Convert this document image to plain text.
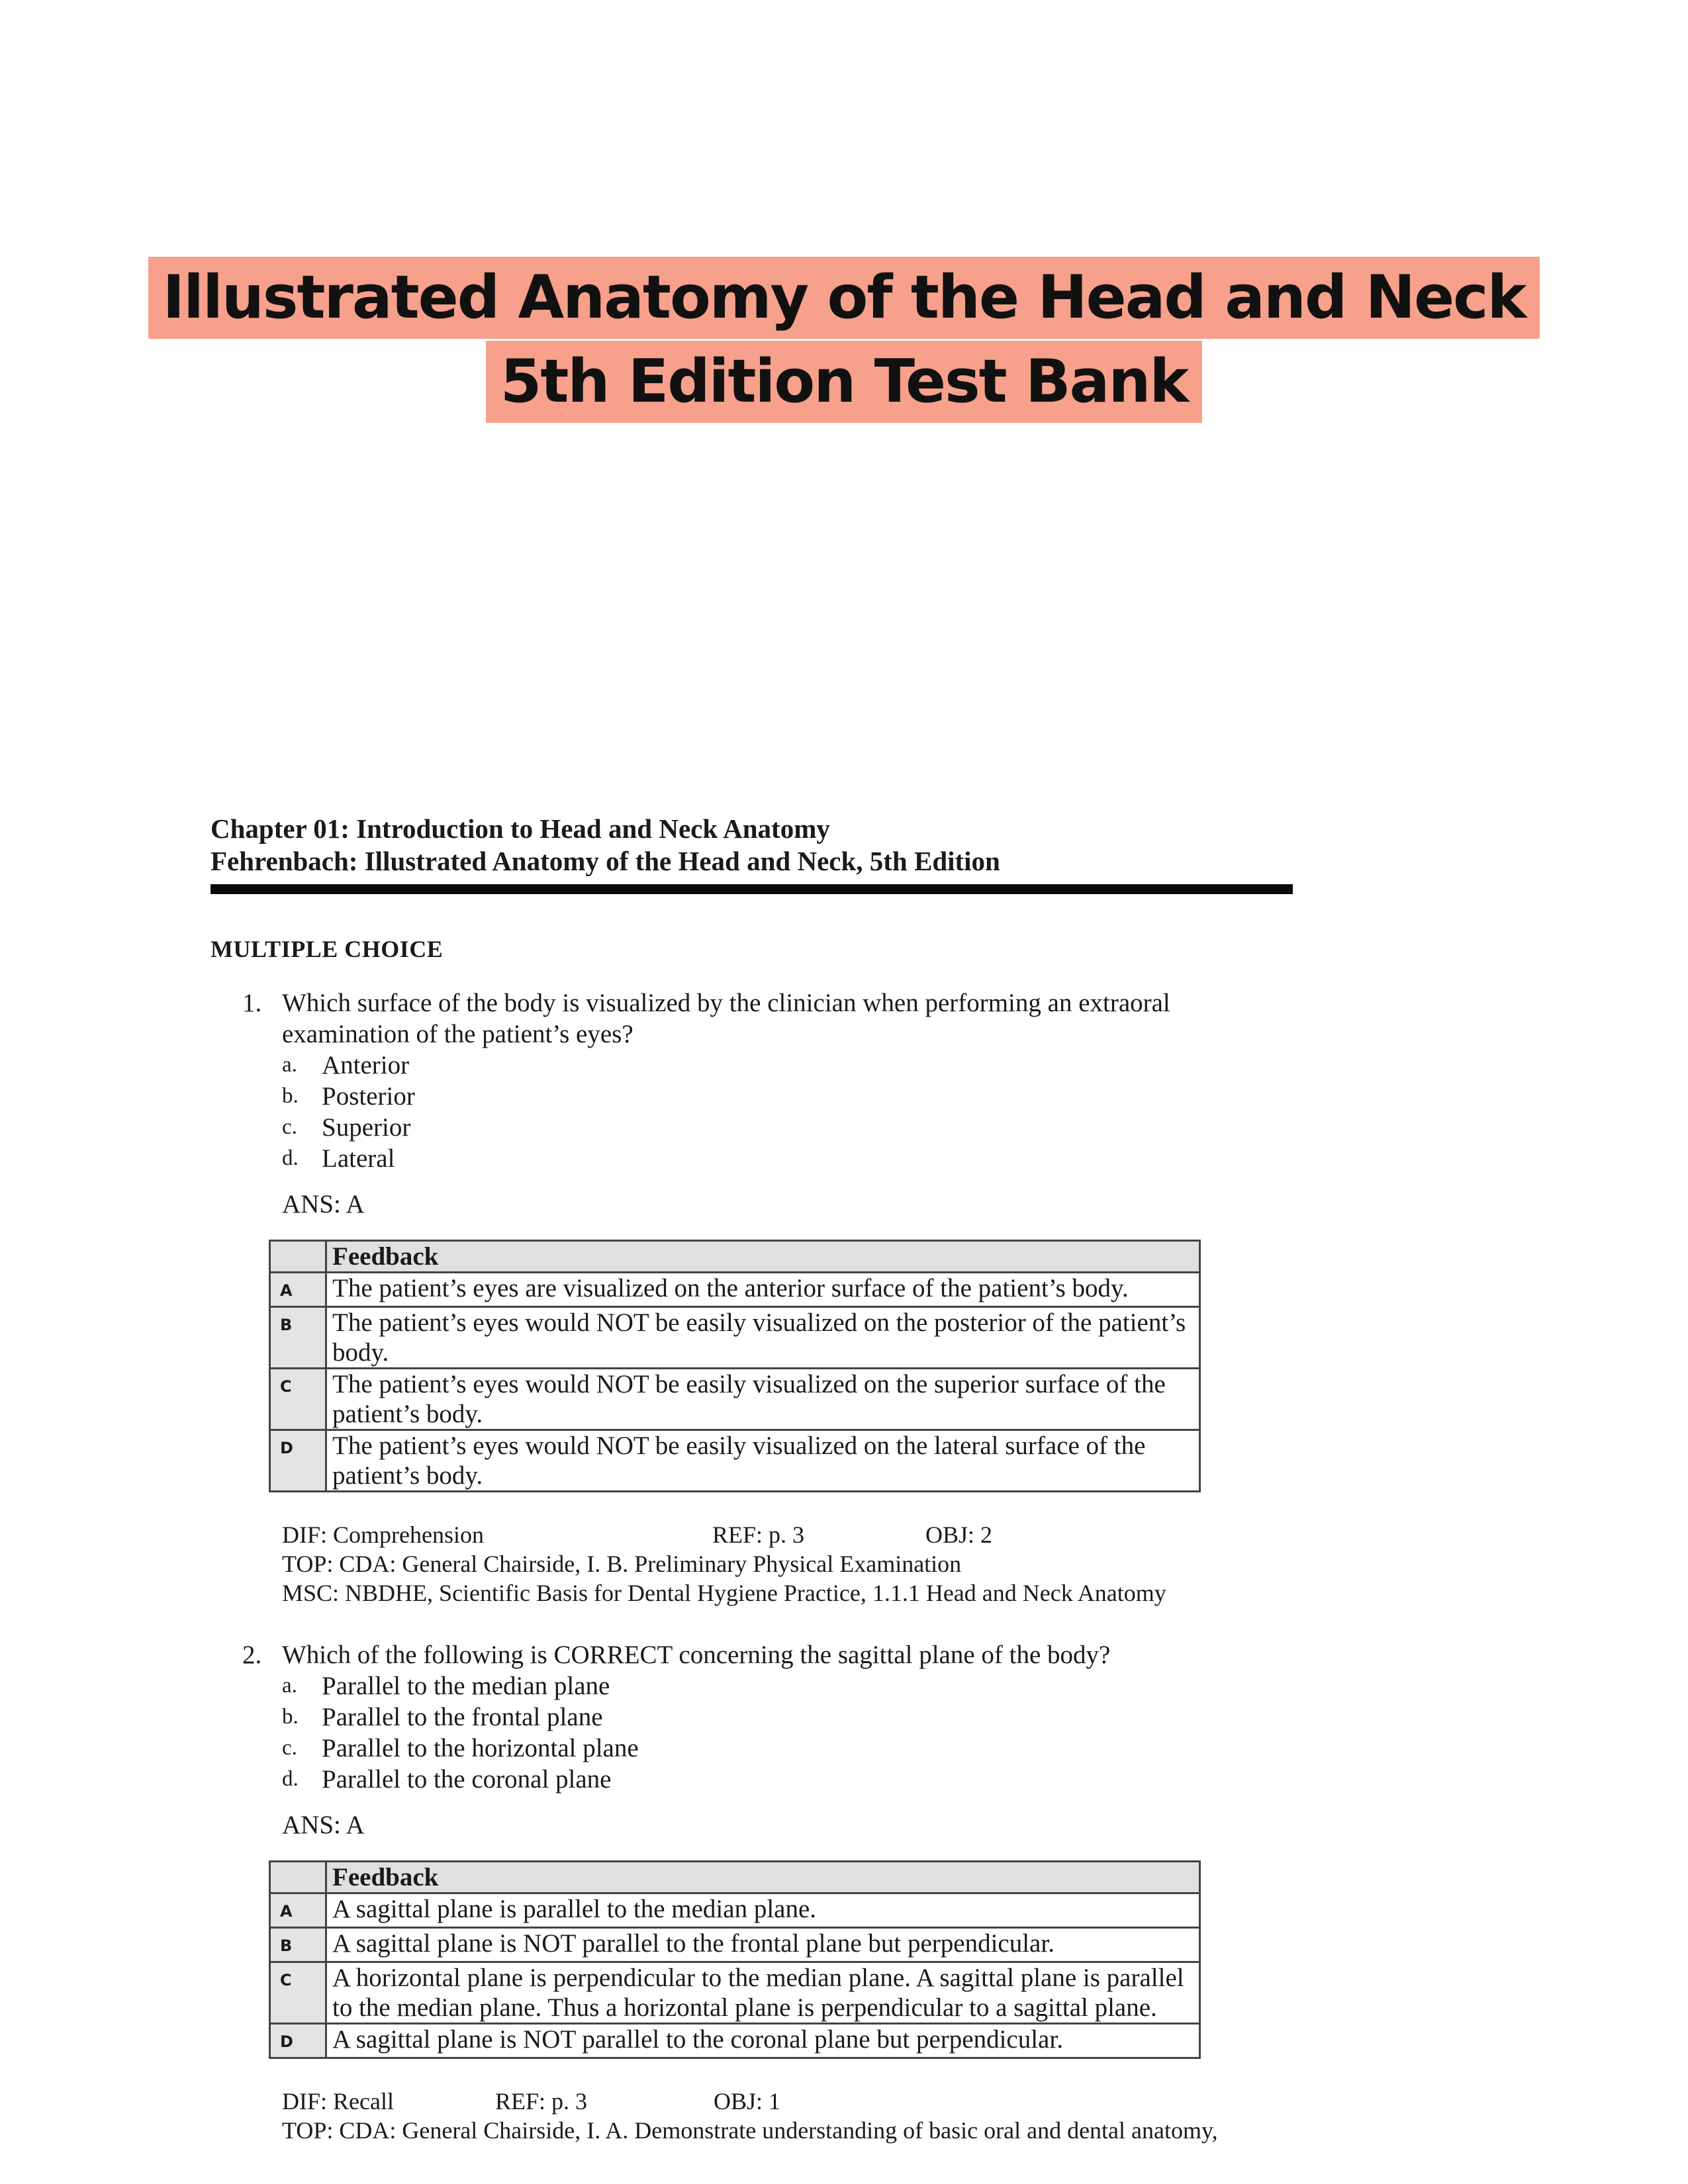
Illustrated Anatomy of the Head and Neck
5th Edition Test Bank
Chapter 01: Introduction to Head and Neck Anatomy
Fehrenbach: Illustrated Anatomy of the Head and Neck, 5th Edition
MULTIPLE CHOICE
1. Which surface of the body is visualized by the clinician when performing an extraoral examination of the patient’s eyes?
a. Anterior
b. Posterior
c. Superior
d. Lateral
ANS: A
	Feedback
A	The patient’s eyes are visualized on the anterior surface of the patient’s body.
B	The patient’s eyes would NOT be easily visualized on the posterior of the patient’s body.
C	The patient’s eyes would NOT be easily visualized on the superior surface of the patient’s body.
D	The patient’s eyes would NOT be easily visualized on the lateral surface of the patient’s body.
DIF: Comprehension	REF: p. 3	OBJ: 2
TOP: CDA: General Chairside, I. B. Preliminary Physical Examination
MSC: NBDHE, Scientific Basis for Dental Hygiene Practice, 1.1.1 Head and Neck Anatomy
2. Which of the following is CORRECT concerning the sagittal plane of the body?
a. Parallel to the median plane
b. Parallel to the frontal plane
c. Parallel to the horizontal plane
d. Parallel to the coronal plane
ANS: A
	Feedback
A	A sagittal plane is parallel to the median plane.
B	A sagittal plane is NOT parallel to the frontal plane but perpendicular.
C	A horizontal plane is perpendicular to the median plane. A sagittal plane is parallel to the median plane. Thus a horizontal plane is perpendicular to a sagittal plane.
D	A sagittal plane is NOT parallel to the coronal plane but perpendicular.
DIF: Recall	REF: p. 3	OBJ: 1
TOP: CDA: General Chairside, I. A. Demonstrate understanding of basic oral and dental anatomy,
